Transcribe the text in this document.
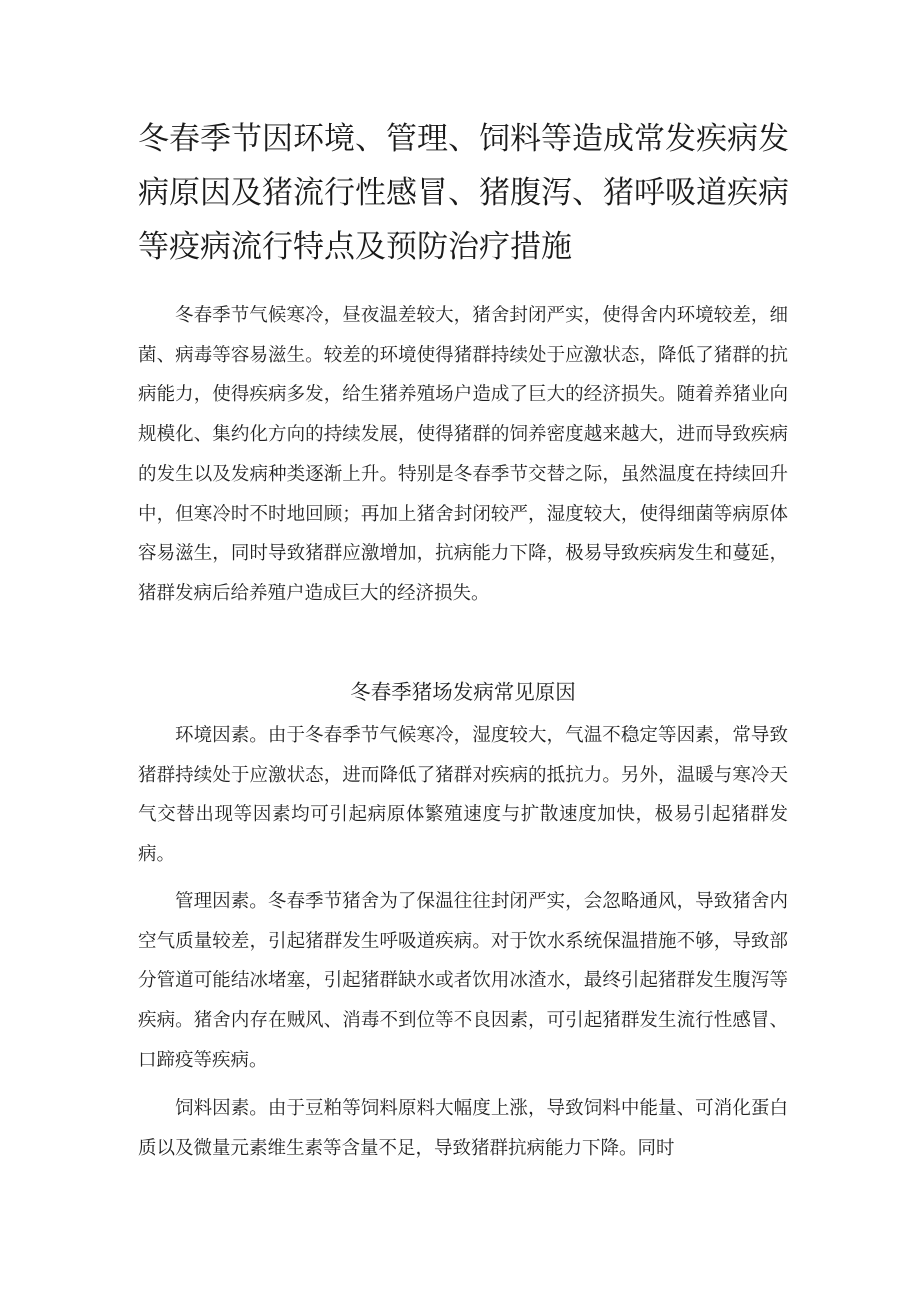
冬春季节因环境、管理、饲料等造成常发疾病发病原因及猪流行性感冒、猪腹泻、猪呼吸道疾病等疫病流行特点及预防治疗措施

冬春季节气候寒冷，昼夜温差较大，猪舍封闭严实，使得舍内环境较差，细菌、病毒等容易滋生。较差的环境使得猪群持续处于应激状态，降低了猪群的抗病能力，使得疾病多发，给生猪养殖场户造成了巨大的经济损失。随着养猪业向规模化、集约化方向的持续发展，使得猪群的饲养密度越来越大，进而导致疾病的发生以及发病种类逐渐上升。特别是冬春季节交替之际，虽然温度在持续回升中，但寒冷时不时地回顾；再加上猪舍封闭较严，湿度较大，使得细菌等病原体容易滋生，同时导致猪群应激增加，抗病能力下降，极易导致疾病发生和蔓延，猪群发病后给养殖户造成巨大的经济损失。

冬春季猪场发病常见原因

环境因素。由于冬春季节气候寒冷，湿度较大，气温不稳定等因素，常导致猪群持续处于应激状态，进而降低了猪群对疾病的抵抗力。另外，温暖与寒冷天气交替出现等因素均可引起病原体繁殖速度与扩散速度加快，极易引起猪群发病。

管理因素。冬春季节猪舍为了保温往往封闭严实，会忽略通风，导致猪舍内空气质量较差，引起猪群发生呼吸道疾病。对于饮水系统保温措施不够，导致部分管道可能结冰堵塞，引起猪群缺水或者饮用冰渣水，最终引起猪群发生腹泻等疾病。猪舍内存在贼风、消毒不到位等不良因素，可引起猪群发生流行性感冒、口蹄疫等疾病。

饲料因素。由于豆粕等饲料原料大幅度上涨，导致饲料中能量、可消化蛋白质以及微量元素维生素等含量不足，导致猪群抗病能力下降。同时
